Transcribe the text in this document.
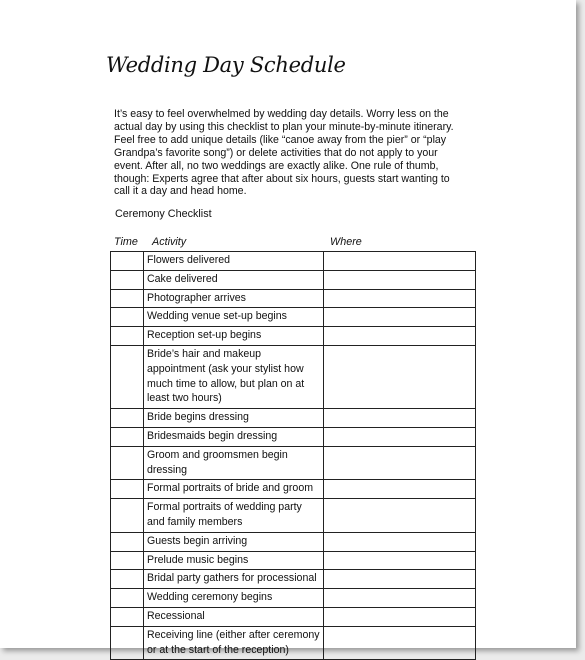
Wedding Day Schedule

It’s easy to feel overwhelmed by wedding day details. Worry less on the actual day by using this checklist to plan your minute-by-minute itinerary. Feel free to add unique details (like “canoe away from the pier” or “play Grandpa’s favorite song”) or delete activities that do not apply to your event. After all, no two weddings are exactly alike. One rule of thumb, though: Experts agree that after about six hours, guests start wanting to call it a day and head home.

Ceremony Checklist
Time Activity	Where
	Flowers delivered	
	Cake delivered	
	Photographer arrives	
	Wedding venue set-up begins	
	Reception set-up begins	
	Bride’s hair and makeup appointment (ask your stylist how much time to allow, but plan on at least two hours)	
	Bride begins dressing	
	Bridesmaids begin dressing	
	Groom and groomsmen begin dressing	
	Formal portraits of bride and groom	
	Formal portraits of wedding party and family members	
	Guests begin arriving	
	Prelude music begins	
	Bridal party gathers for processional	
	Wedding ceremony begins	
	Recessional	
	Receiving line (either after ceremony or at the start of the reception)	
